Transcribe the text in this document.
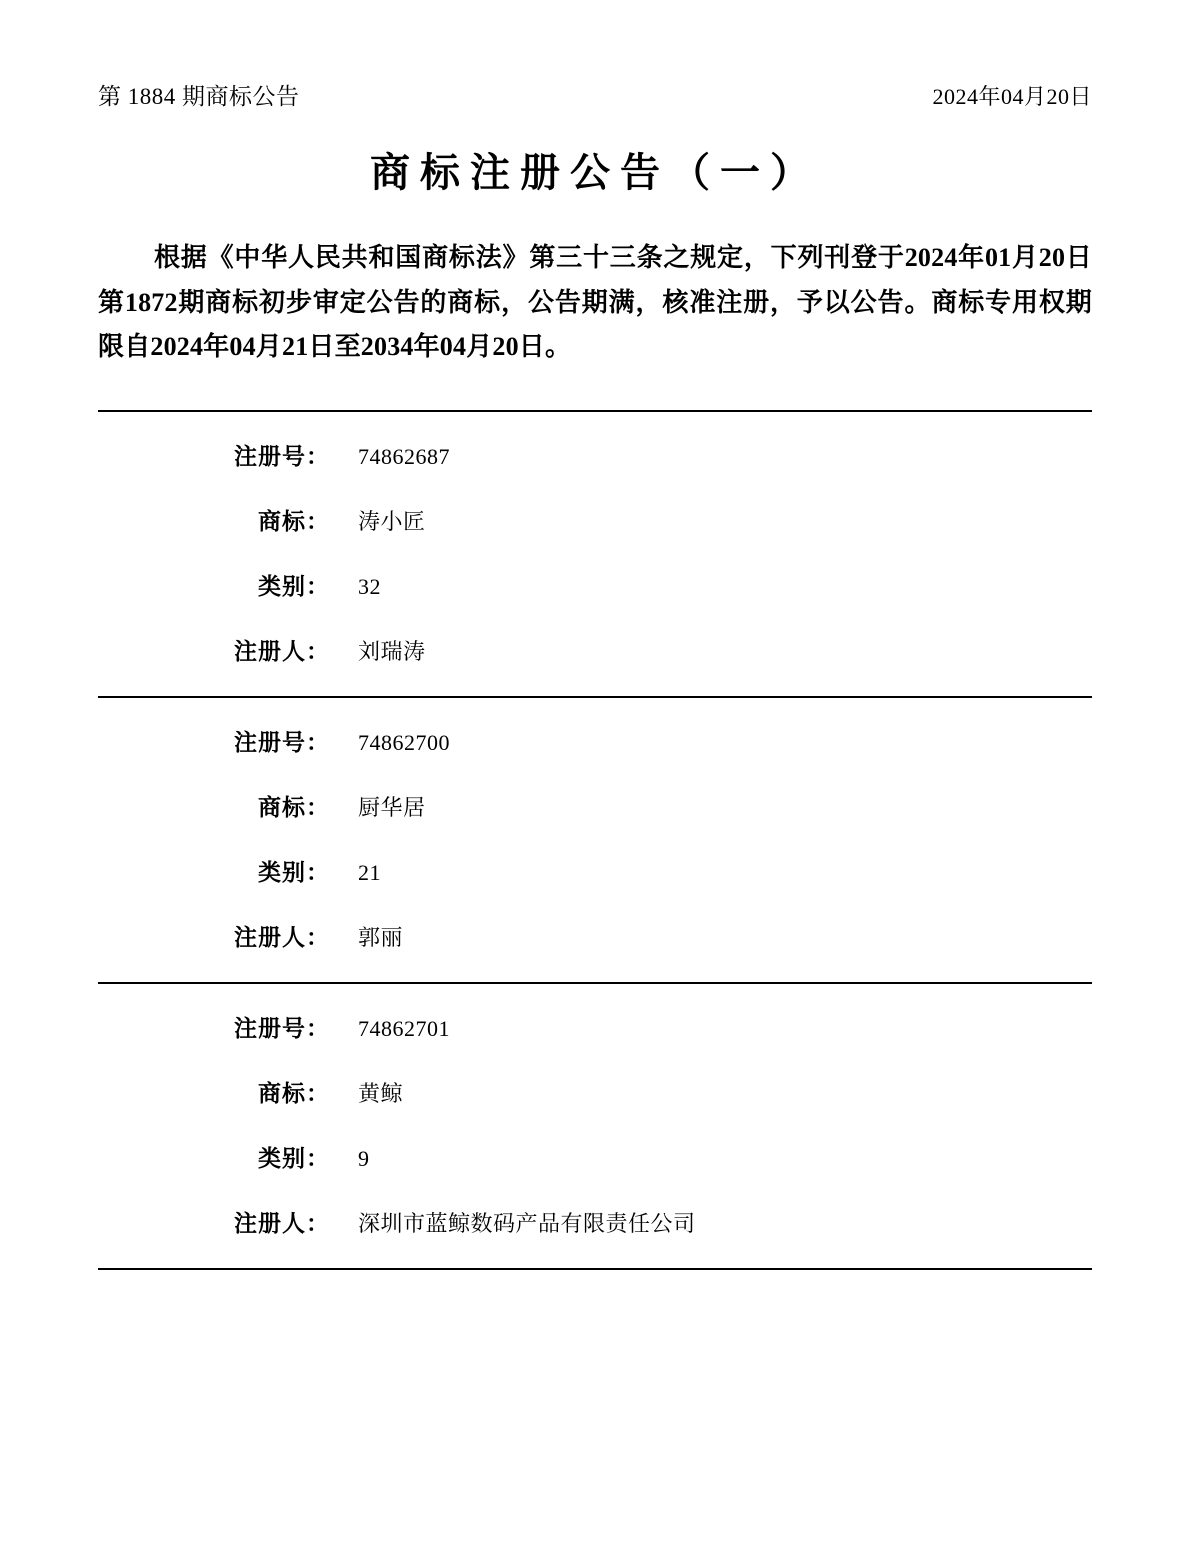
第 1884 期商标公告	2024年04月20日
商标注册公告（一）
根据《中华人民共和国商标法》第三十三条之规定，下列刊登于2024年01月20日第1872期商标初步审定公告的商标，公告期满，核准注册，予以公告。商标专用权期限自2024年04月21日至2034年04月20日。
注册号：	74862687
商标：	涛小匠
类别：	32
注册人：	刘瑞涛
注册号：	74862700
商标：	厨华居
类别：	21
注册人：	郭丽
注册号：	74862701
商标：	黄鲸
类别：	9
注册人：	深圳市蓝鲸数码产品有限责任公司
